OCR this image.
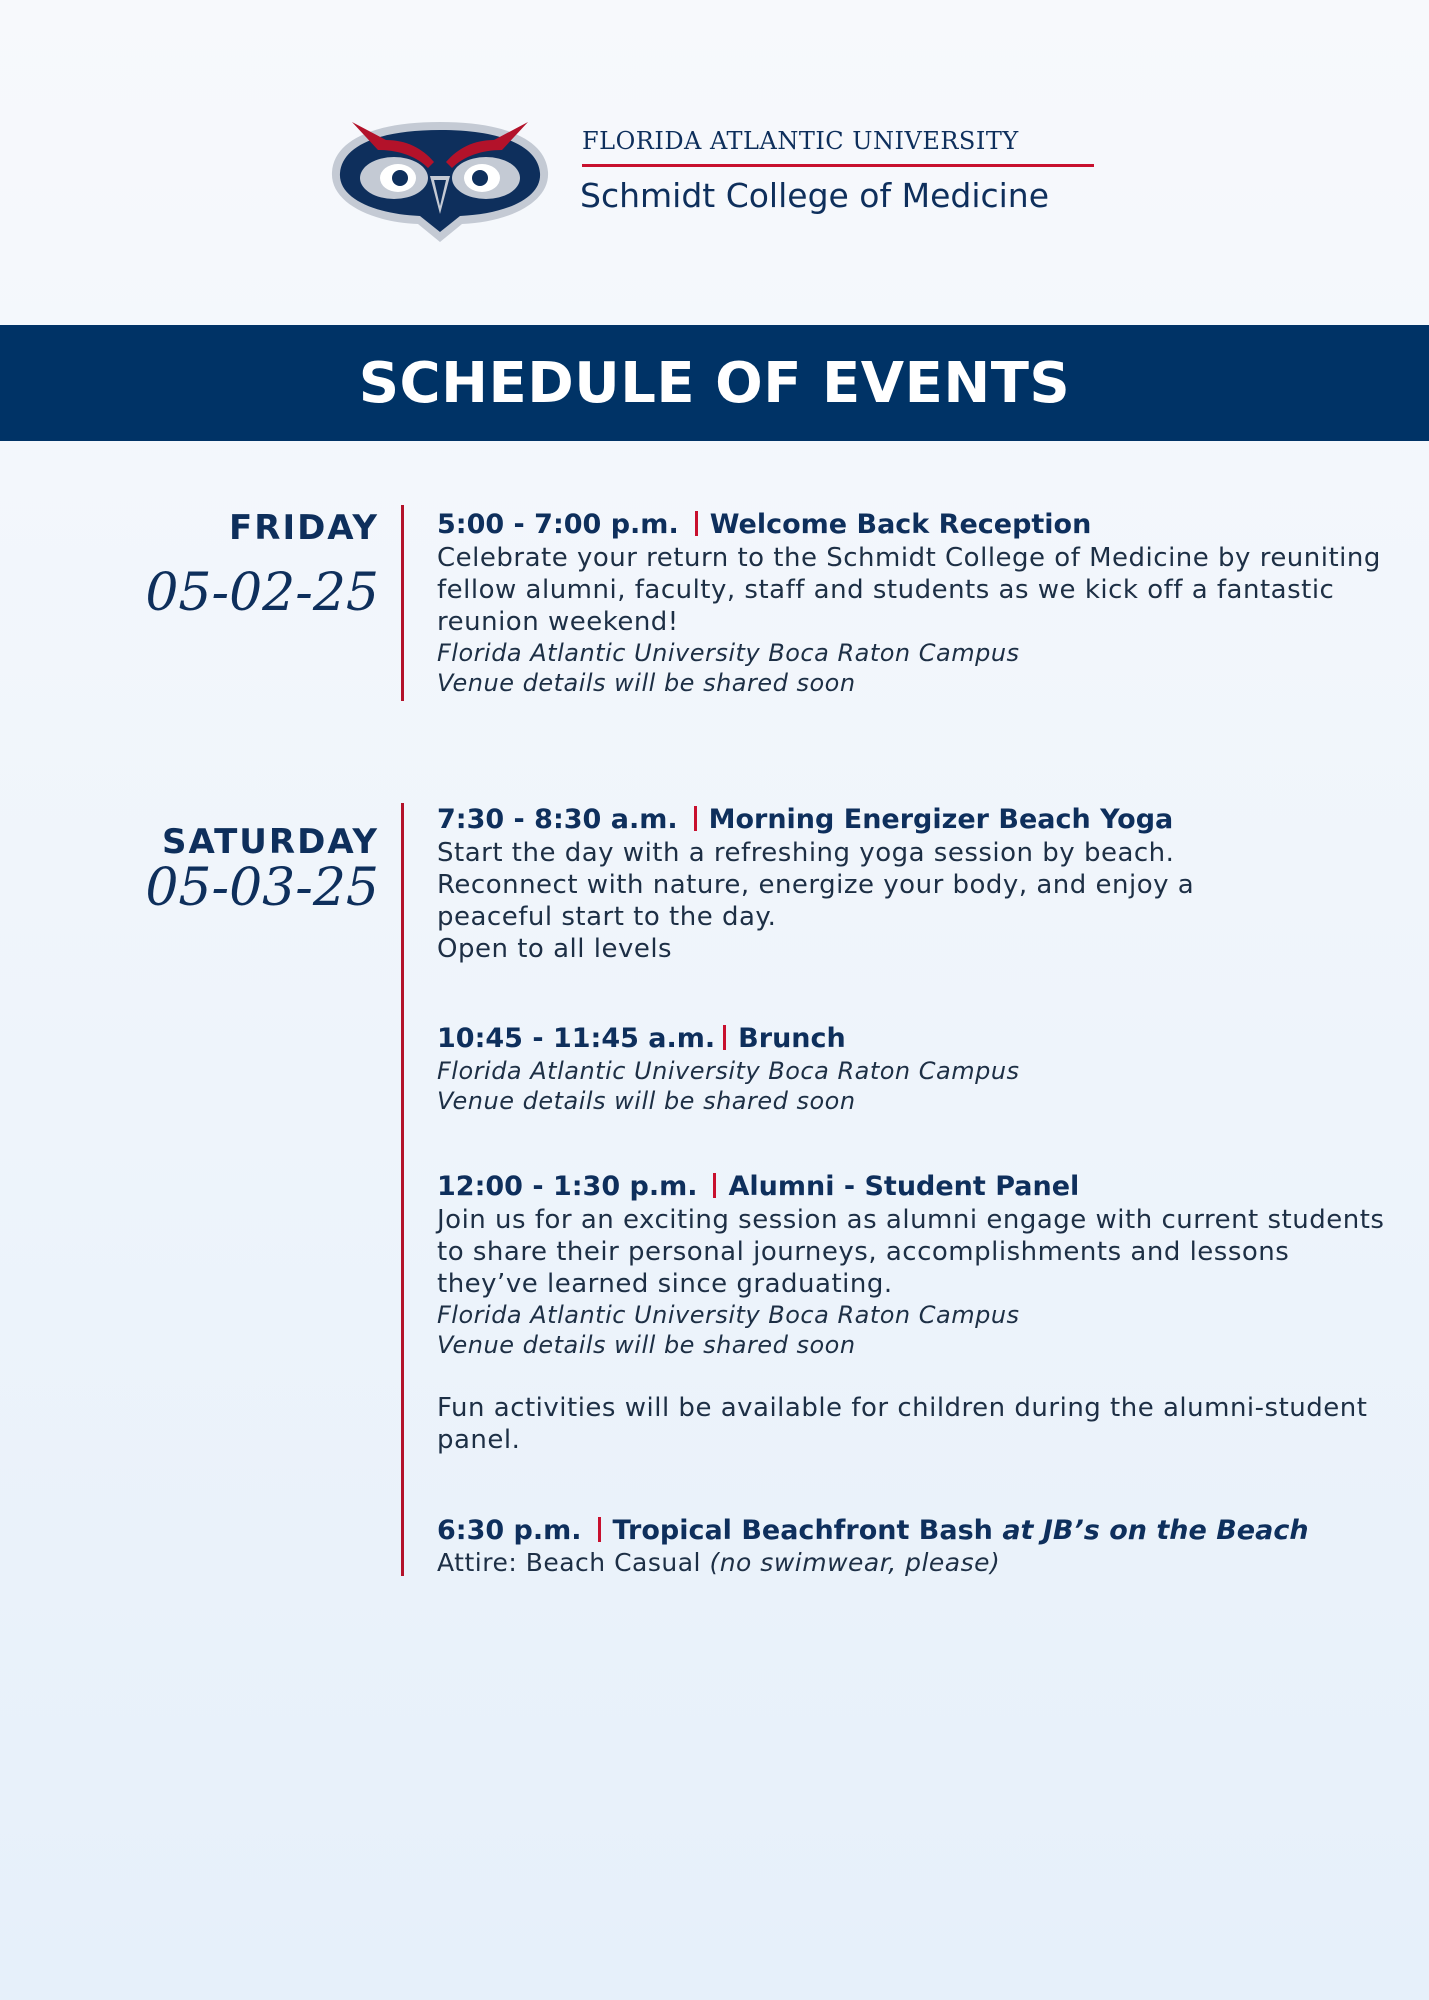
FLORIDA ATLANTIC UNIVERSITY
Schmidt College of Medicine
SCHEDULE OF EVENTS
FRIDAY
05-02-25
5:00 - 7:00 p.m. Welcome Back Reception
Celebrate your return to the Schmidt College of Medicine by reuniting fellow alumni, faculty, staff and students as we kick off a fantastic reunion weekend!
Florida Atlantic University Boca Raton Campus
Venue details will be shared soon
SATURDAY
05-03-25
7:30 - 8:30 a.m. Morning Energizer Beach Yoga
Start the day with a refreshing yoga session by beach. Reconnect with nature, energize your body, and enjoy a peaceful start to the day.
Open to all levels
10:45 - 11:45 a.m. Brunch
Florida Atlantic University Boca Raton Campus
Venue details will be shared soon
12:00 - 1:30 p.m. Alumni - Student Panel
Join us for an exciting session as alumni engage with current students to share their personal journeys, accomplishments and lessons they’ve learned since graduating.
Florida Atlantic University Boca Raton Campus
Venue details will be shared soon
Fun activities will be available for children during the alumni-student panel.
6:30 p.m. Tropical Beachfront Bash at JB’s on the Beach
Attire: Beach Casual (no swimwear, please)
